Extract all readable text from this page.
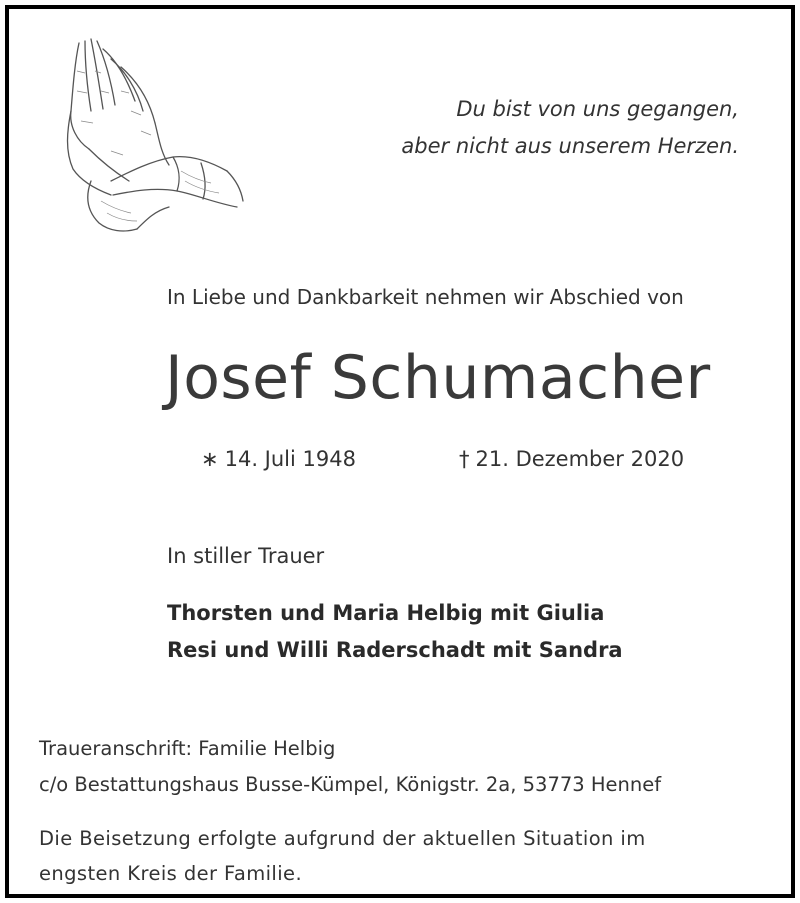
Du bist von uns gegangen,
aber nicht aus unserem Herzen.
In Liebe und Dankbarkeit nehmen wir Abschied von
Josef Schumacher
∗ 14. Juli 1948	† 21. Dezember 2020
In stiller Trauer
Thorsten und Maria Helbig mit Giulia
Resi und Willi Raderschadt mit Sandra
Traueranschrift: Familie Helbig
c/o Bestattungshaus Busse-Kümpel, Königstr. 2a, 53773 Hennef
Die Beisetzung erfolgte aufgrund der aktuellen Situation im
engsten Kreis der Familie.
